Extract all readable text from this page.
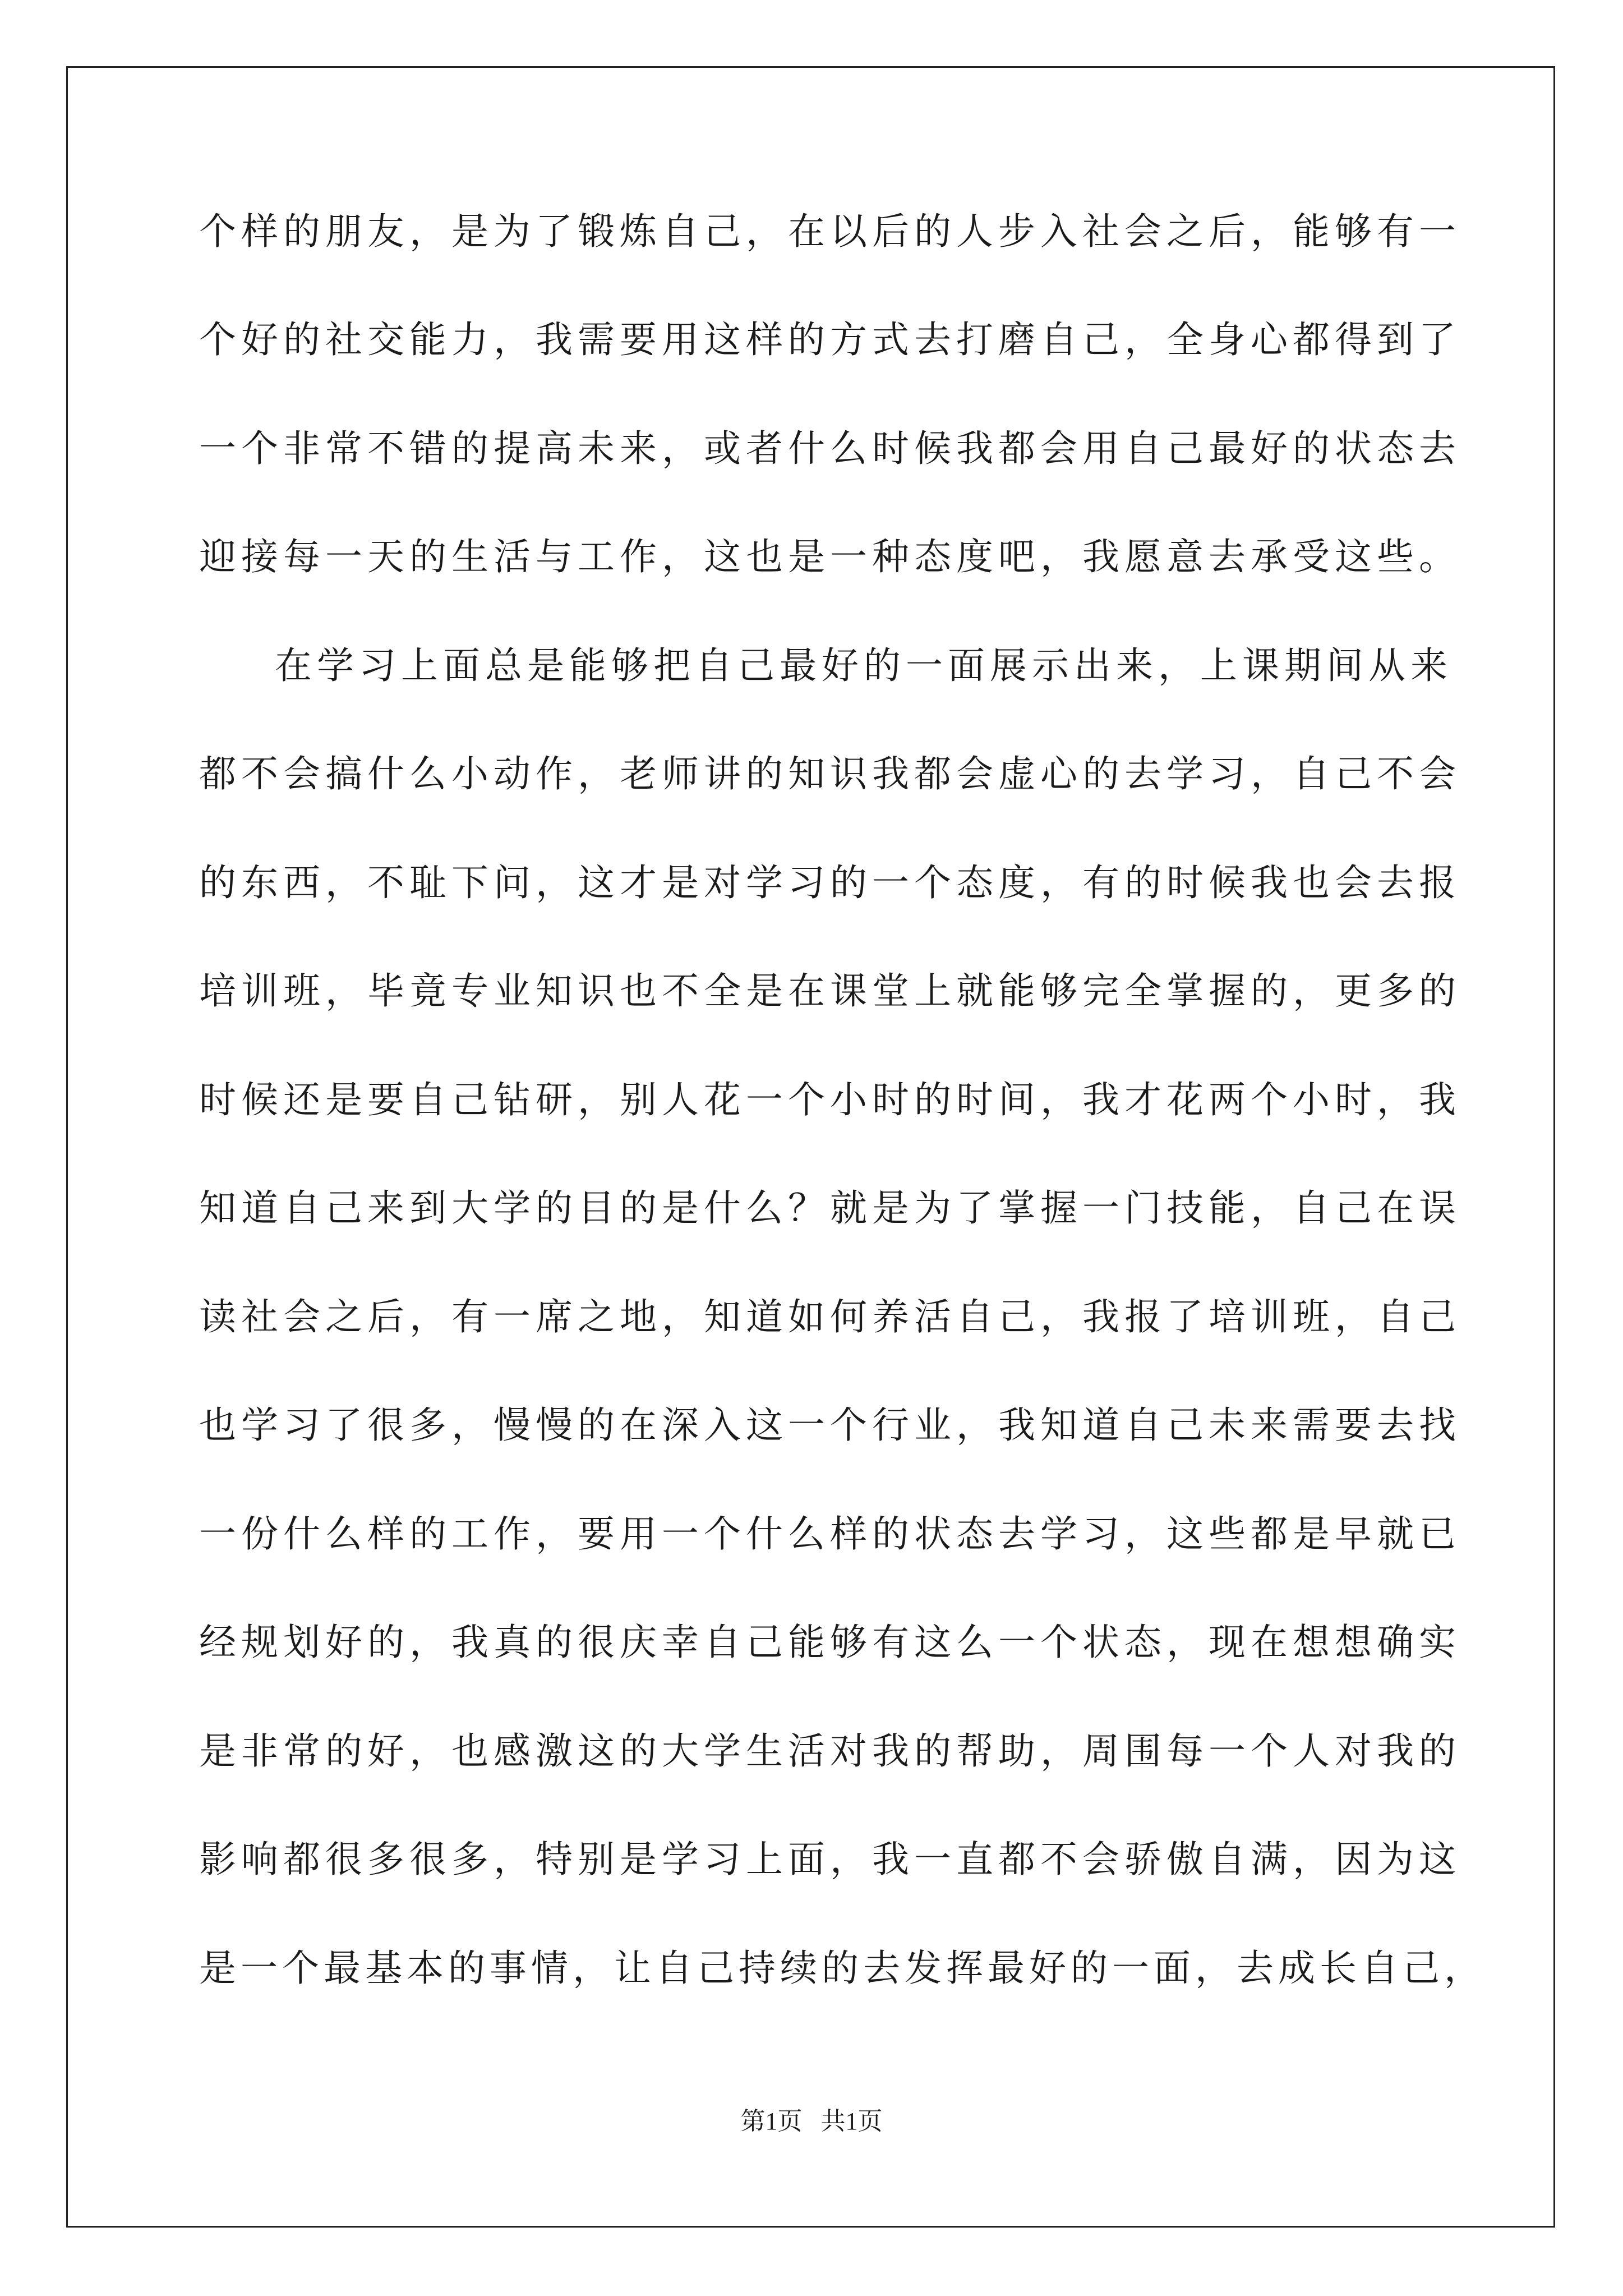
个样的朋友，是为了锻炼自己，在以后的人步入社会之后，能够有一
个好的社交能力，我需要用这样的方式去打磨自己，全身心都得到了
一个非常不错的提高未来，或者什么时候我都会用自己最好的状态去
迎接每一天的生活与工作，这也是一种态度吧，我愿意去承受这些。
在学习上面总是能够把自己最好的一面展示出来，上课期间从来
都不会搞什么小动作，老师讲的知识我都会虚心的去学习，自己不会
的东西，不耻下问，这才是对学习的一个态度，有的时候我也会去报
培训班，毕竟专业知识也不全是在课堂上就能够完全掌握的，更多的
时候还是要自己钻研，别人花一个小时的时间，我才花两个小时，我
知道自己来到大学的目的是什么？就是为了掌握一门技能，自己在误
读社会之后，有一席之地，知道如何养活自己，我报了培训班，自己
也学习了很多，慢慢的在深入这一个行业，我知道自己未来需要去找
一份什么样的工作，要用一个什么样的状态去学习，这些都是早就已
经规划好的，我真的很庆幸自己能够有这么一个状态，现在想想确实
是非常的好，也感激这的大学生活对我的帮助，周围每一个人对我的
影响都很多很多，特别是学习上面，我一直都不会骄傲自满，因为这
是一个最基本的事情，让自己持续的去发挥最好的一面，去成长自己，
第1页   共1页
